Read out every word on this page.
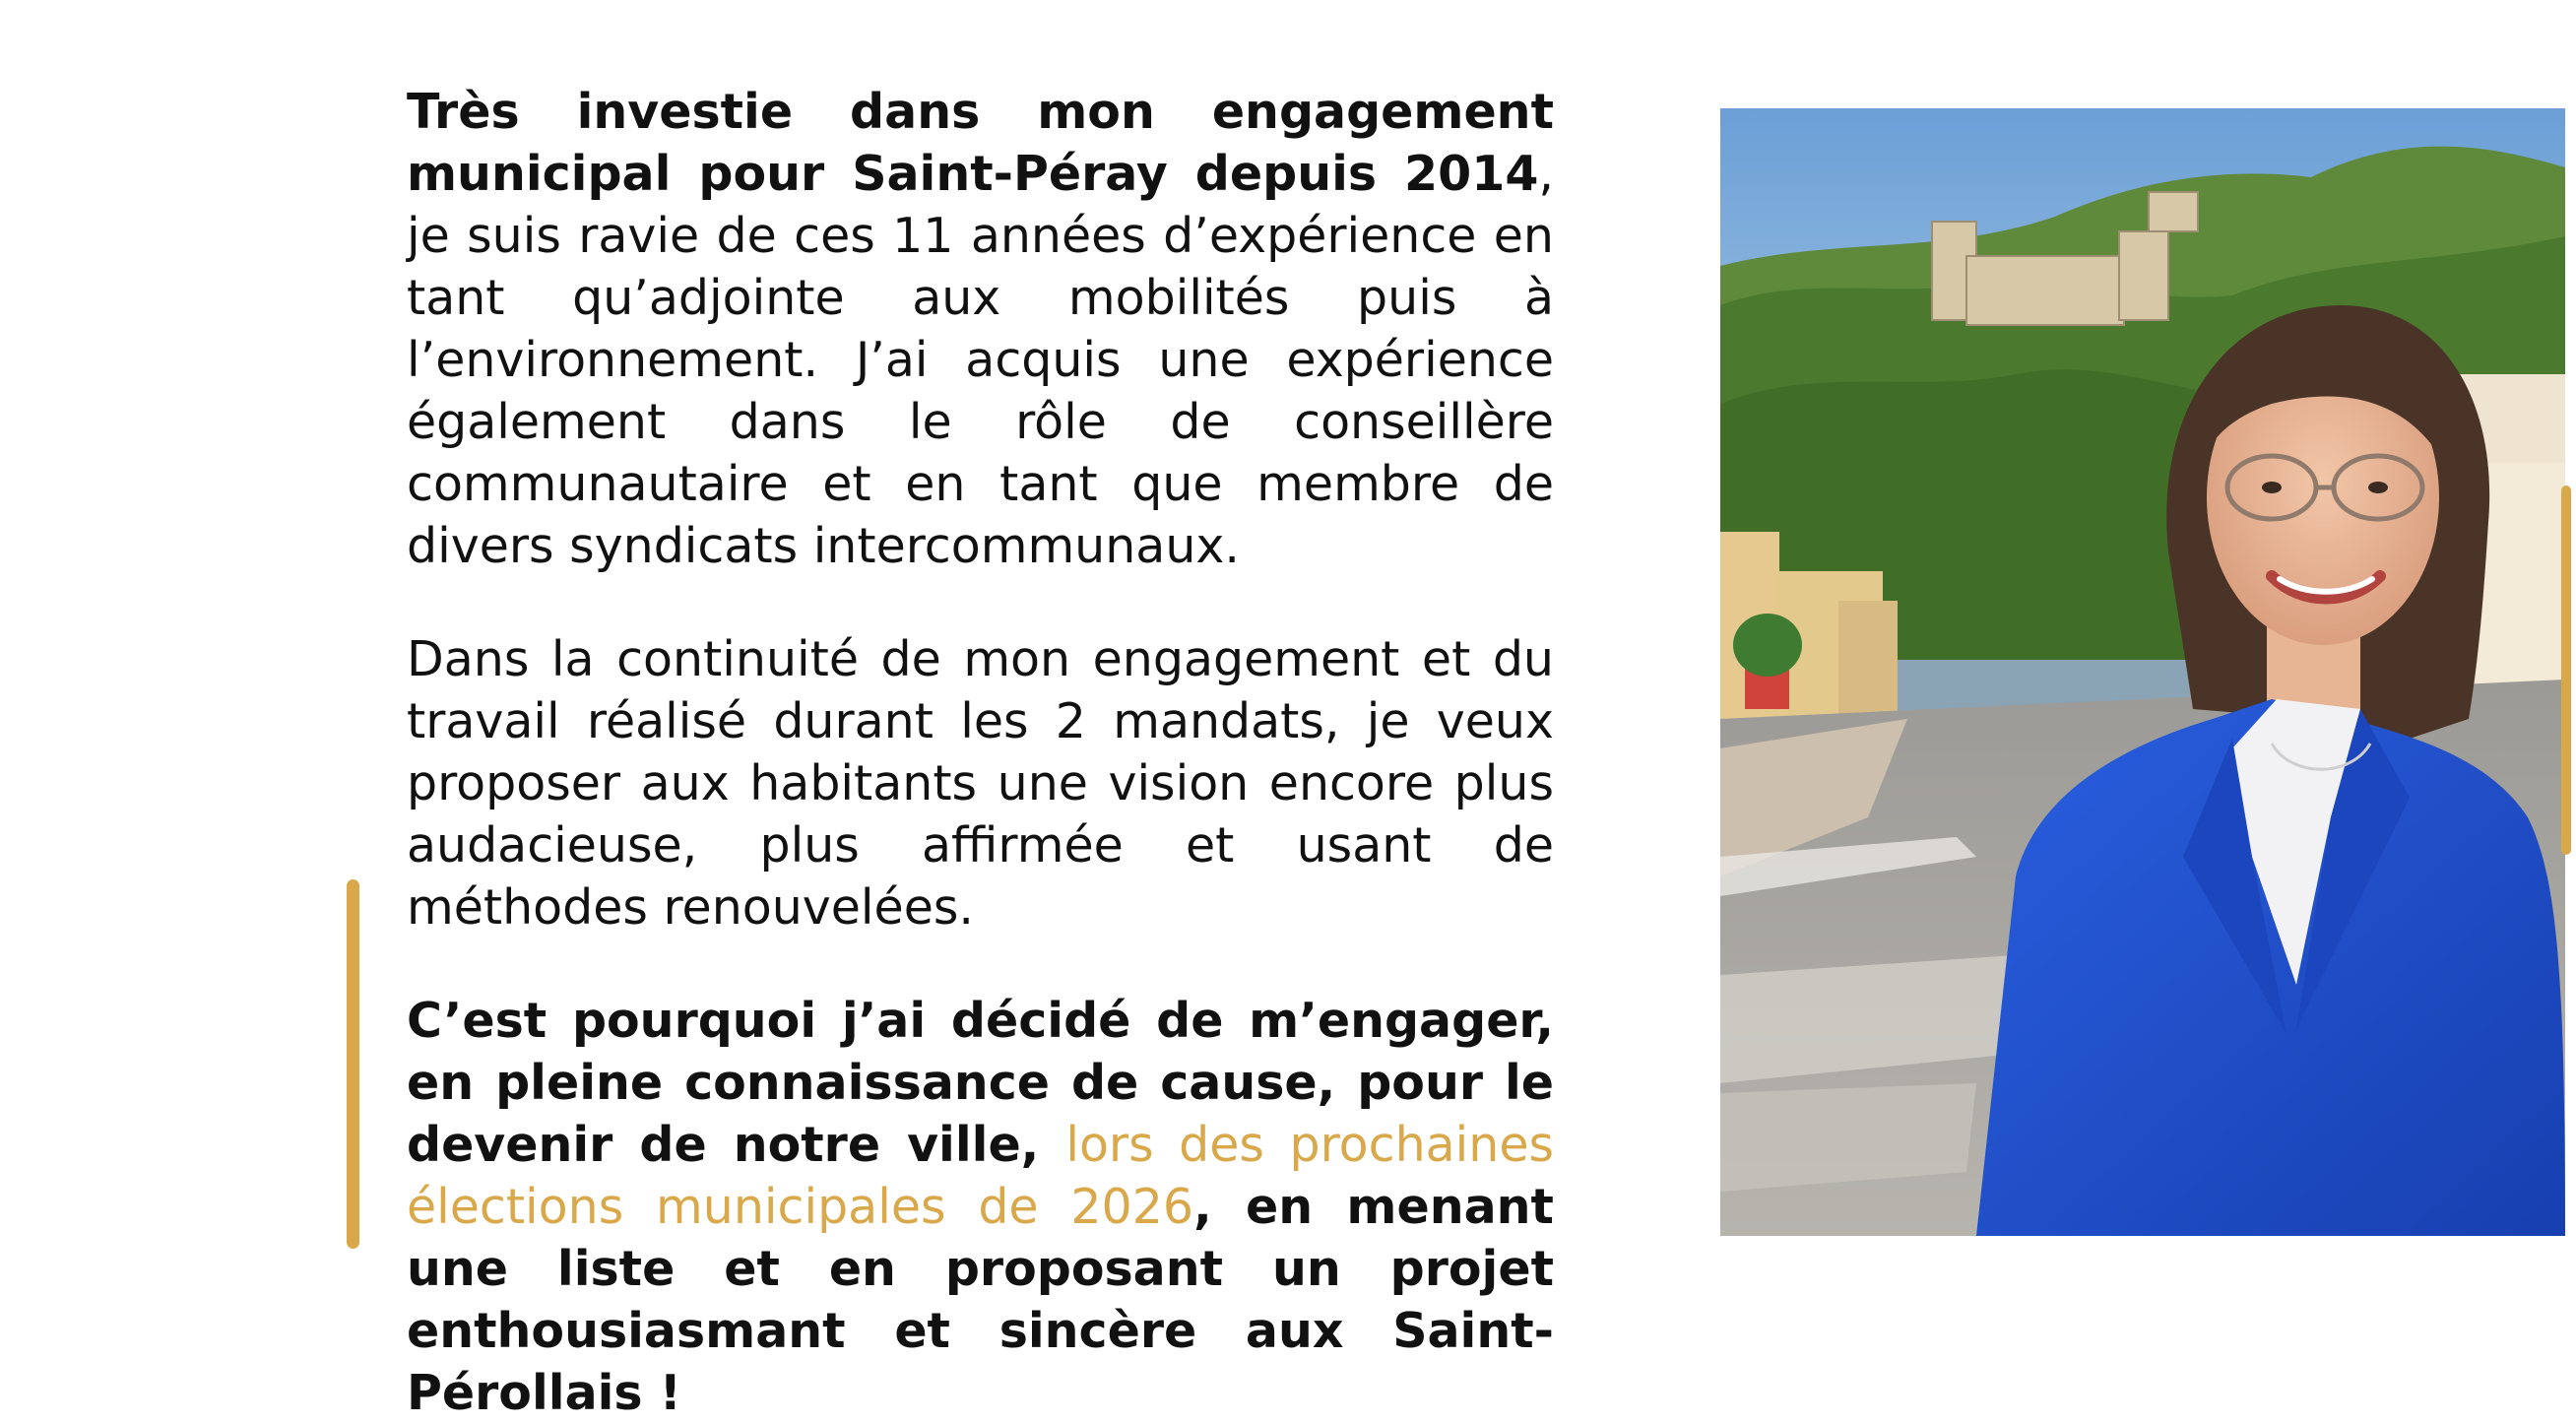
Très investie dans mon engagement municipal pour Saint-Péray depuis 2014, je suis ravie de ces 11 années d’expérience en tant qu’adjointe aux mobilités puis à l’environnement. J’ai acquis une expérience également dans le rôle de conseillère communautaire et en tant que membre de divers syndicats intercommunaux.

Dans la continuité de mon engagement et du travail réalisé durant les 2 mandats, je veux proposer aux habitants une vision encore plus audacieuse, plus affirmée et usant de méthodes renouvelées.

C’est pourquoi j’ai décidé de m’engager, en pleine connaissance de cause, pour le devenir de notre ville, lors des prochaines élections municipales de 2026, en menant une liste et en proposant un projet enthousiasmant et sincère aux Saint-Pérollais !
